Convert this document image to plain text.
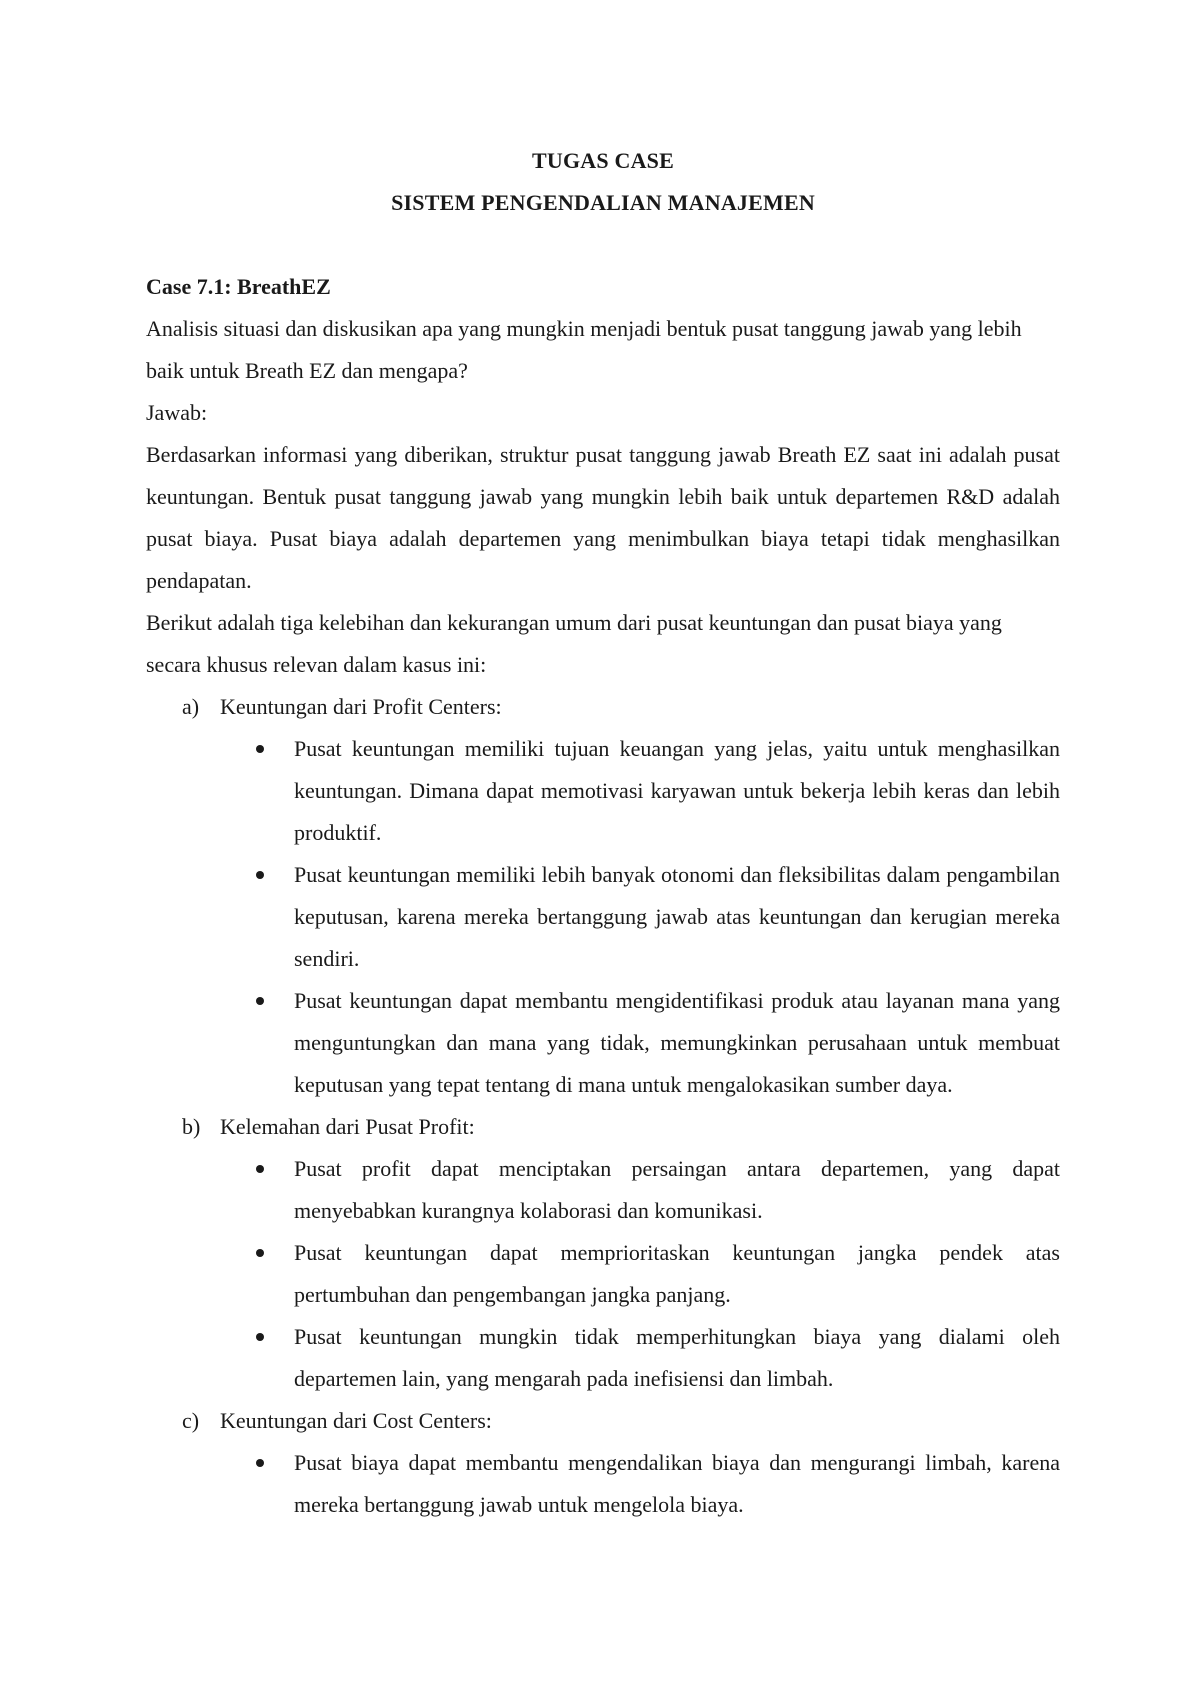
TUGAS CASE

SISTEM PENGENDALIAN MANAJEMEN

Case 7.1: BreathEZ

Analisis situasi dan diskusikan apa yang mungkin menjadi bentuk pusat tanggung jawab yang lebih baik untuk Breath EZ dan mengapa?

Jawab:

Berdasarkan informasi yang diberikan, struktur pusat tanggung jawab Breath EZ saat ini adalah pusat keuntungan. Bentuk pusat tanggung jawab yang mungkin lebih baik untuk departemen R&D adalah pusat biaya. Pusat biaya adalah departemen yang menimbulkan biaya tetapi tidak menghasilkan pendapatan.

Berikut adalah tiga kelebihan dan kekurangan umum dari pusat keuntungan dan pusat biaya yang secara khusus relevan dalam kasus ini:

a) Keuntungan dari Profit Centers:
Pusat keuntungan memiliki tujuan keuangan yang jelas, yaitu untuk menghasilkan keuntungan. Dimana dapat memotivasi karyawan untuk bekerja lebih keras dan lebih produktif.
Pusat keuntungan memiliki lebih banyak otonomi dan fleksibilitas dalam pengambilan keputusan, karena mereka bertanggung jawab atas keuntungan dan kerugian mereka sendiri.
Pusat keuntungan dapat membantu mengidentifikasi produk atau layanan mana yang menguntungkan dan mana yang tidak, memungkinkan perusahaan untuk membuat keputusan yang tepat tentang di mana untuk mengalokasikan sumber daya.
b) Kelemahan dari Pusat Profit:
Pusat profit dapat menciptakan persaingan antara departemen, yang dapat menyebabkan kurangnya kolaborasi dan komunikasi.
Pusat keuntungan dapat memprioritaskan keuntungan jangka pendek atas pertumbuhan dan pengembangan jangka panjang.
Pusat keuntungan mungkin tidak memperhitungkan biaya yang dialami oleh departemen lain, yang mengarah pada inefisiensi dan limbah.
c) Keuntungan dari Cost Centers:
Pusat biaya dapat membantu mengendalikan biaya dan mengurangi limbah, karena mereka bertanggung jawab untuk mengelola biaya.
